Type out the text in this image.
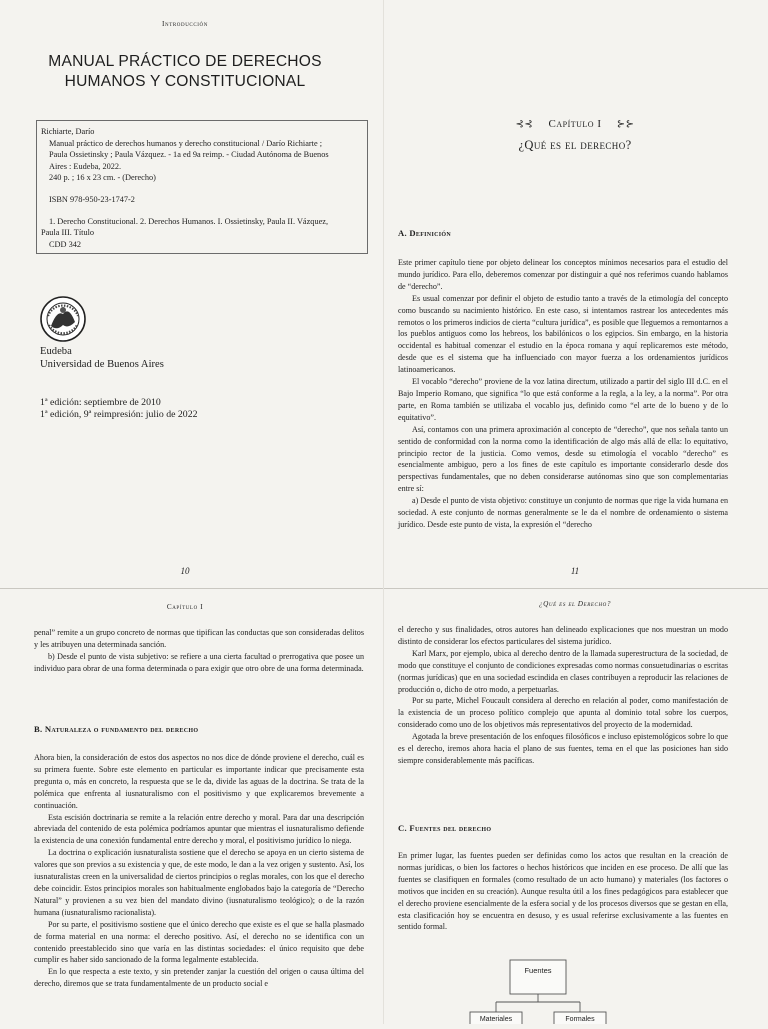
Introducción
MANUAL PRÁCTICO DE DERECHOS
HUMANOS Y CONSTITUCIONAL
Richiarte, Darío
Manual práctico de derechos humanos y derecho constitucional / Darío Richiarte ;
Paula Ossietinsky ; Paula Vázquez. - 1a ed 9a reimp. - Ciudad Autónoma de Buenos
Aires : Eudeba, 2022.
240 p. ; 16 x 23 cm. - (Derecho)
ISBN 978-950-23-1747-2
1. Derecho Constitucional. 2. Derechos Humanos. I. Ossietinsky, Paula II. Vázquez,
Paula III. Título
CDD 342
Eudeba
Universidad de Buenos Aires
1ª edición: septiembre de 2010
1ª edición, 9ª reimpresión: julio de 2022
10
⊰⊰ Capítulo I ⊱⊱
¿Qué es el derecho?
A. Definición

Este primer capítulo tiene por objeto delinear los conceptos mínimos necesarios para el estudio del mundo jurídico. Para ello, deberemos comenzar por distinguir a qué nos referimos cuando hablamos de “derecho”.

Es usual comenzar por definir el objeto de estudio tanto a través de la etimología del concepto como buscando su nacimiento histórico. En este caso, si intentamos rastrear los antecedentes más remotos o los primeros indicios de cierta “cultura jurídica”, es posible que lleguemos a remontarnos a los pueblos antiguos como los hebreos, los babilónicos o los egipcios. Sin embargo, en la historia occidental es habitual comenzar el estudio en la época romana y aquí replicaremos este método, desde que es el sistema que ha influenciado con mayor fuerza a los ordenamientos jurídicos latinoamericanos.

El vocablo “derecho” proviene de la voz latina directum, utilizado a partir del siglo III d.C. en el Bajo Imperio Romano, que significa “lo que está conforme a la regla, a la ley, a la norma”. Por otra parte, en Roma también se utilizaba el vocablo jus, definido como “el arte de lo bueno y de lo equitativo”.

Así, contamos con una primera aproximación al concepto de “derecho”, que nos señala tanto un sentido de conformidad con la norma como la identificación de algo más allá de ella: lo equitativo, principio rector de la justicia. Como vemos, desde su etimología el vocablo “derecho” es esencialmente ambiguo, pero a los fines de este capítulo es importante considerarlo desde dos perspectivas fundamentales, que no deben considerarse autónomas sino que son complementarias entre sí:

a) Desde el punto de vista objetivo: constituye un conjunto de normas que rige la vida humana en sociedad. A este conjunto de normas generalmente se le da el nombre de ordenamiento o sistema jurídico. Desde este punto de vista, la expresión el “derecho

11
Capítulo I

penal” remite a un grupo concreto de normas que tipifican las conductas que son consideradas delitos y les atribuyen una determinada sanción.

b) Desde el punto de vista subjetivo: se refiere a una cierta facultad o prerrogativa que posee un individuo para obrar de una forma determinada o para exigir que otro obre de una forma determinada.

B. Naturaleza o fundamento del derecho

Ahora bien, la consideración de estos dos aspectos no nos dice de dónde proviene el derecho, cuál es su primera fuente. Sobre este elemento en particular es importante indicar que precisamente esta pregunta o, más en concreto, la respuesta que se le da, divide las aguas de la doctrina. Se trata de la polémica que enfrenta al iusnaturalismo con el positivismo y que explicaremos brevemente a continuación.

Esta escisión doctrinaria se remite a la relación entre derecho y moral. Para dar una descripción abreviada del contenido de esta polémica podríamos apuntar que mientras el iusnaturalismo defiende la existencia de una conexión fundamental entre derecho y moral, el positivismo jurídico lo niega.

La doctrina o explicación iusnaturalista sostiene que el derecho se apoya en un cierto sistema de valores que son previos a su existencia y que, de este modo, le dan a la vez origen y sustento. Así, los iusnaturalistas creen en la universalidad de ciertos principios o reglas morales, con los que el derecho debe coincidir. Estos principios morales son habitualmente englobados bajo la categoría de “Derecho Natural” y provienen a su vez bien del mandato divino (iusnaturalismo teológico); o de la razón humana (iusnaturalismo racionalista).

Por su parte, el positivismo sostiene que el único derecho que existe es el que se halla plasmado de forma material en una norma: el derecho positivo. Así, el derecho no se identifica con un contenido preestablecido sino que varía en las distintas sociedades: el único requisito que debe cumplir es haber sido sancionado de la forma legalmente establecida.

En lo que respecta a este texto, y sin pretender zanjar la cuestión del origen o causa última del derecho, diremos que se trata fundamentalmente de un producto social e

¿Qué es el Derecho?

el derecho y sus finalidades, otros autores han delineado explicaciones que nos muestran un modo distinto de considerar los efectos particulares del sistema jurídico.

Karl Marx, por ejemplo, ubica al derecho dentro de la llamada superestructura de la sociedad, de modo que constituye el conjunto de condiciones expresadas como normas consuetudinarias o escritas (normas jurídicas) que en una sociedad escindida en clases contribuyen a reproducir las relaciones de producción o, dicho de otro modo, a perpetuarlas.

Por su parte, Michel Foucault considera al derecho en relación al poder, como manifestación de la existencia de un proceso político complejo que apunta al dominio total sobre los cuerpos, considerado como uno de los objetivos más representativos del proyecto de la modernidad.

Agotada la breve presentación de los enfoques filosóficos e incluso epistemológicos sobre lo que es el derecho, iremos ahora hacia el plano de sus fuentes, tema en el que las posiciones han sido siempre considerablemente más pacíficas.

C. Fuentes del derecho

En primer lugar, las fuentes pueden ser definidas como los actos que resultan en la creación de normas jurídicas, o bien los factores o hechos históricos que inciden en ese proceso. De allí que las fuentes se clasifiquen en formales (como resultado de un acto humano) y materiales (los factores o motivos que inciden en su creación). Aunque resulta útil a los fines pedagógicos para establecer que el derecho proviene esencialmente de la esfera social y de los procesos diversos que se gestan en ella, esta clasificación hoy se encuentra en desuso, y es usual referirse exclusivamente a las fuentes en sentido formal.

Fuentes
Materiales	Formales
